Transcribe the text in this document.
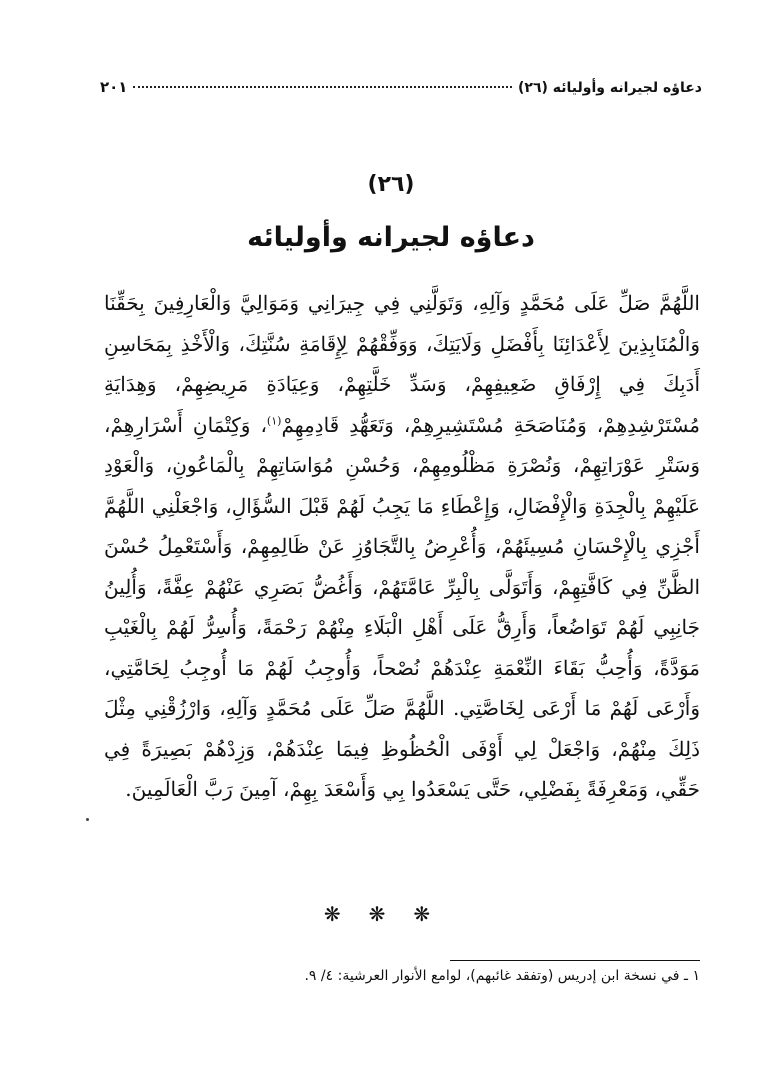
دعاؤه لجيرانه وأوليائه (٢٦)
٢٠١
(٢٦)
دعاؤه لجيرانه وأوليائه
اللَّهُمَّ صَلِّ عَلَى مُحَمَّدٍ وَآلِهِ، وَتَوَلَّنِي فِي جِيرَانِي وَمَوَالِيَّ وَالْعَارِفِينَ بِحَقِّنَا وَالْمُنَابِذِينَ لِأَعْدَائِنَا بِأَفْضَلِ وَلَايَتِكَ، وَوَفِّقْهُمْ لِإِقَامَةِ سُنَّتِكَ، وَالْأَخْذِ بِمَحَاسِنِ أَدَبِكَ فِي إِرْفَاقِ ضَعِيفِهِمْ، وَسَدِّ خَلَّتِهِمْ، وَعِيَادَةِ مَرِيضِهِمْ، وَهِدَايَةِ مُسْتَرْشِدِهِمْ، وَمُنَاصَحَةِ مُسْتَشِيرِهِمْ، وَتَعَهُّدِ قَادِمِهِمْ$^{(١)}$، وَكِتْمَانِ أَسْرَارِهِمْ، وَسَتْرِ عَوْرَاتِهِمْ، وَنُصْرَةِ مَظْلُومِهِمْ، وَحُسْنِ مُوَاسَاتِهِمْ بِالْمَاعُونِ، وَالْعَوْدِ عَلَيْهِمْ بِالْجِدَةِ وَالْإِفْضَالِ، وَإِعْطَاءِ مَا يَجِبُ لَهُمْ قَبْلَ السُّؤَالِ، وَاجْعَلْنِي اللَّهُمَّ أَجْزِي بِالْإِحْسَانِ مُسِيئَهُمْ، وَأُعْرِضُ بِالتَّجَاوُزِ عَنْ ظَالِمِهِمْ، وَأَسْتَعْمِلُ حُسْنَ الظَّنِّ فِي كَافَّتِهِمْ، وَأَتَوَلَّى بِالْبِرِّ عَامَّتَهُمْ، وَأَغُضُّ بَصَرِي عَنْهُمْ عِفَّةً، وَأُلِينُ جَانِبِي لَهُمْ تَوَاضُعاً، وَأَرِقُّ عَلَى أَهْلِ الْبَلَاءِ مِنْهُمْ رَحْمَةً، وَأُسِرُّ لَهُمْ بِالْغَيْبِ مَوَدَّةً، وَأُحِبُّ بَقَاءَ النِّعْمَةِ عِنْدَهُمْ نُصْحاً، وَأُوجِبُ لَهُمْ مَا أُوجِبُ لِحَامَّتِي، وَأَرْعَى لَهُمْ مَا أَرْعَى لِخَاصَّتِي. اللَّهُمَّ صَلِّ عَلَى مُحَمَّدٍ وَآلِهِ، وَارْزُقْنِي مِثْلَ ذَلِكَ مِنْهُمْ، وَاجْعَلْ لِي أَوْفَى الْحُظُوظِ فِيمَا عِنْدَهُمْ، وَزِدْهُمْ بَصِيرَةً فِي حَقِّي، وَمَعْرِفَةً بِفَضْلِي، حَتَّى يَسْعَدُوا بِي وَأَسْعَدَ بِهِمْ، آمِينَ رَبَّ الْعَالَمِينَ.
❋❋❋
١ ـ في نسخة ابن إدريس (وتفقد غائبهم)، لوامع الأنوار العرشية: ٤/ ٩.
